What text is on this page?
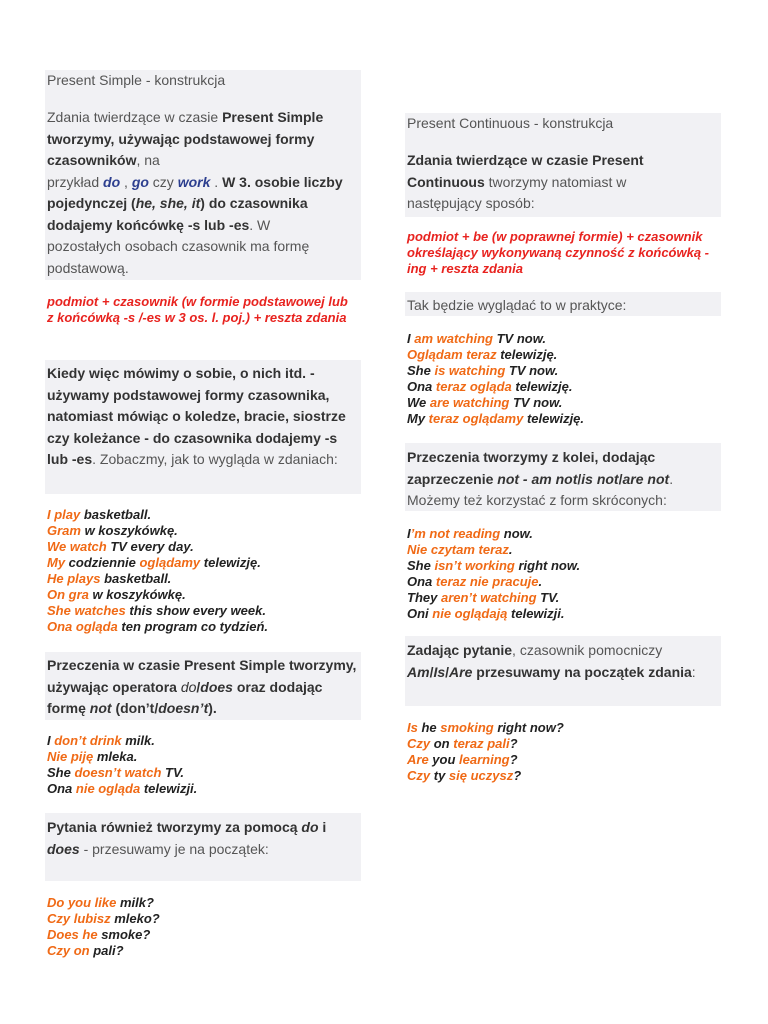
Present Simple - konstrukcja
Zdania twierdzące w czasie Present Simple tworzymy, używając podstawowej formy czasowników, na
przykład do , go czy work . W 3. osobie liczby pojedynczej (he, she, it) do czasownika dodajemy końcówkę -s lub -es. W pozostałych osobach czasownik ma formę podstawową.
podmiot + czasownik (w formie podstawowej lub z końcówką -s /-es w 3 os. l. poj.) + reszta zdania
Kiedy więc mówimy o sobie, o nich itd. - używamy podstawowej formy czasownika, natomiast mówiąc o koledze, bracie, siostrze czy koleżance - do czasownika dodajemy -s lub -es. Zobaczmy, jak to wygląda w zdaniach:
I play basketball.
Gram w koszykówkę.
We watch TV every day.
My codziennie oglądamy telewizję.
He plays basketball.
On gra w koszykówkę.
She watches this show every week.
Ona ogląda ten program co tydzień.
Przeczenia w czasie Present Simple tworzymy, używając operatora do/does oraz dodając formę not (don’t/doesn’t).
I don’t drink milk.
Nie piję mleka.
She doesn’t watch TV.
Ona nie ogląda telewizji.
Pytania również tworzymy za pomocą do i does - przesuwamy je na początek:
Do you like milk?
Czy lubisz mleko?
Does he smoke?
Czy on pali?
Present Continuous - konstrukcja
Zdania twierdzące w czasie Present Continuous tworzymy natomiast w następujący sposób:
podmiot + be (w poprawnej formie) + czasownik określający wykonywaną czynność z końcówką -ing + reszta zdania
Tak będzie wyglądać to w praktyce:
I am watching TV now.
Oglądam teraz telewizję.
She is watching TV now.
Ona teraz ogląda telewizję.
We are watching TV now.
My teraz oglądamy telewizję.
Przeczenia tworzymy z kolei, dodając zaprzeczenie not - am not/is not/are not. Możemy też korzystać z form skróconych:
I’m not reading now.
Nie czytam teraz.
She isn’t working right now.
Ona teraz nie pracuje.
They aren’t watching TV.
Oni nie oglądają telewizji.
Zadając pytanie, czasownik pomocniczy Am/Is/Are przesuwamy na początek zdania:
Is he smoking right now?
Czy on teraz pali?
Are you learning?
Czy ty się uczysz?
